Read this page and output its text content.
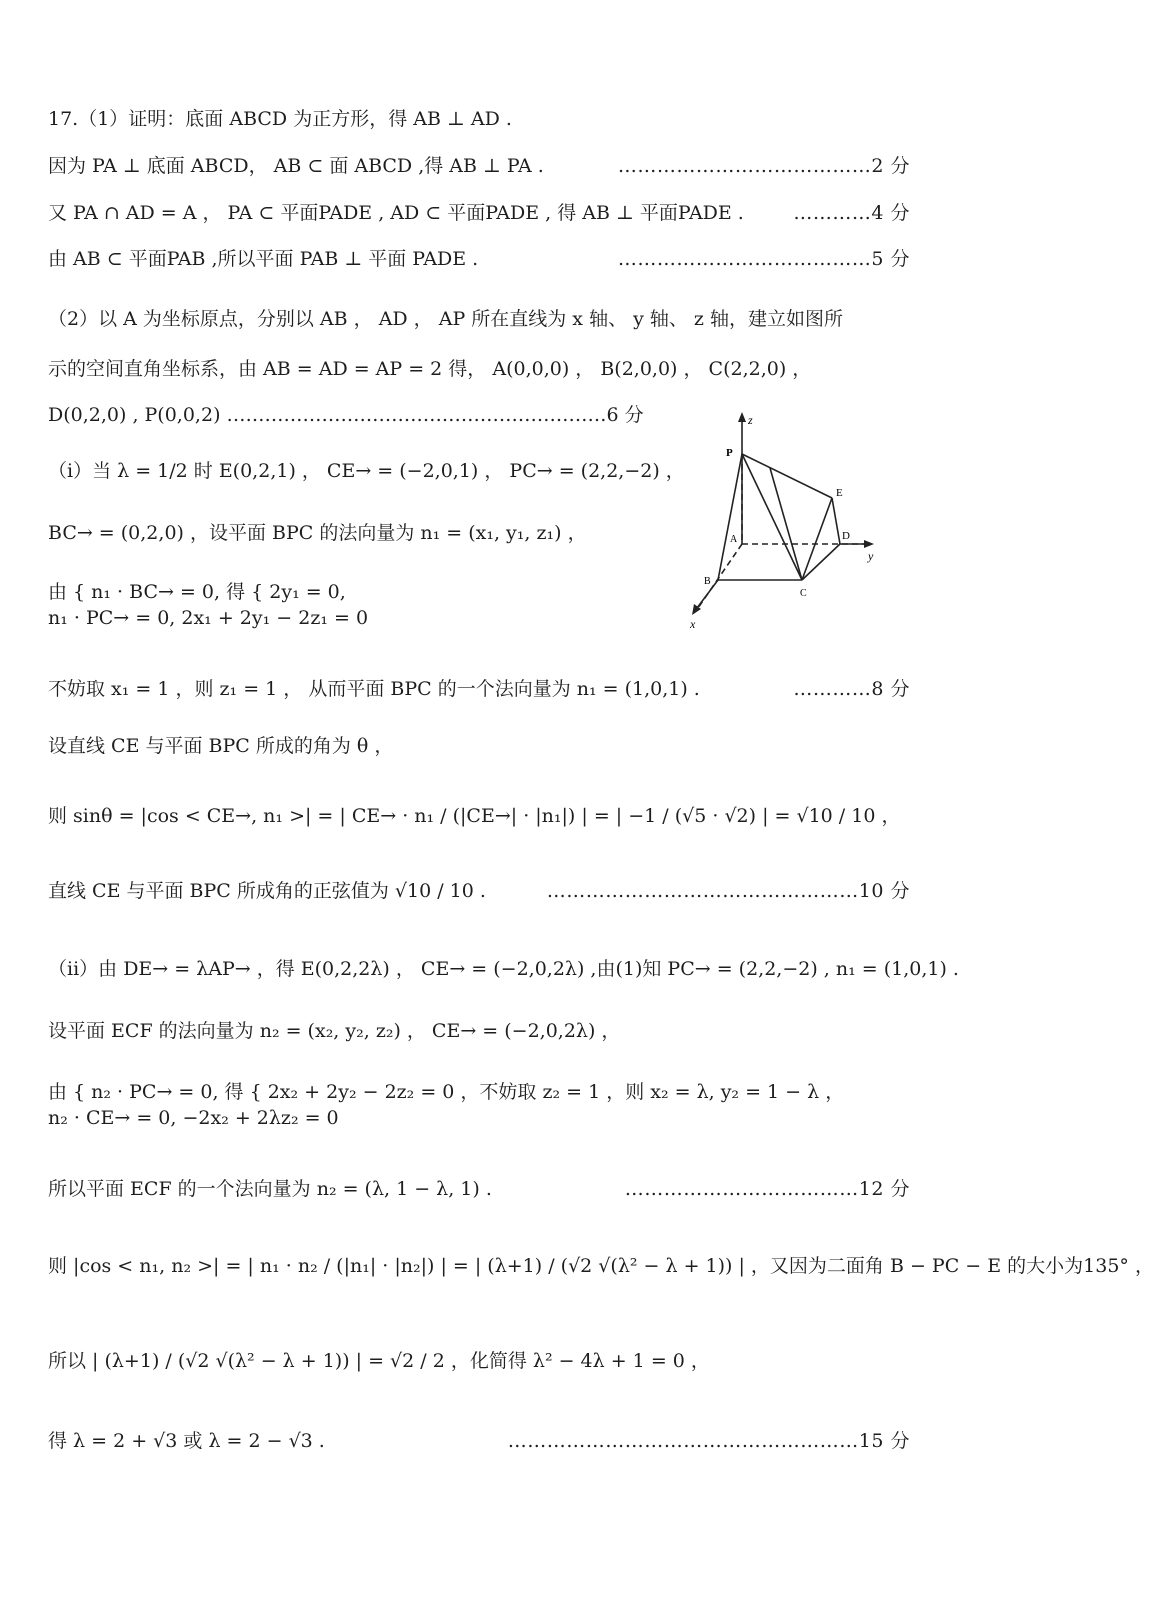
17.（1）证明：底面 ABCD 为正方形，得 AB ⊥ AD .
因为 PA ⊥ 底面 ABCD， AB ⊂ 面 ABCD ,得 AB ⊥ PA .	…………………………………2 分
又 PA ∩ AD = A ， PA ⊂ 平面PADE , AD ⊂ 平面PADE , 得 AB ⊥ 平面PADE .	…………4 分
由 AB ⊂ 平面PAB ,所以平面 PAB ⊥ 平面 PADE .	…………………………………5 分
（2）以 A 为坐标原点，分别以 AB ， AD ， AP 所在直线为 x 轴、 y 轴、 z 轴，建立如图所
示的空间直角坐标系，由 AB = AD = AP = 2 得， A(0,0,0) ， B(2,0,0) ， C(2,2,0) ，
D(0,2,0) , P(0,0,2) ……………………………………………………6 分
（i）当 λ = 1/2 时 E(0,2,1) ， CE→ = (−2,0,1) ， PC→ = (2,2,−2) ，
BC→ = (0,2,0) ，设平面 BPC 的法向量为 n₁ = (x₁, y₁, z₁) ，
由 { n₁ · BC→ = 0, 得 { 2y₁ = 0,
n₁ · PC→ = 0, 2x₁ + 2y₁ − 2z₁ = 0
不妨取 x₁ = 1 ，则 z₁ = 1 ， 从而平面 BPC 的一个法向量为 n₁ = (1,0,1) .	…………8 分
设直线 CE 与平面 BPC 所成的角为 θ ，
则 sinθ = |cos < CE→, n₁ >| = | CE→ · n₁ / (|CE→| · |n₁|) | = | −1 / (√5 · √2) | = √10 / 10 ，
直线 CE 与平面 BPC 所成角的正弦值为 √10 / 10 .	…………………………………………10 分
（ii）由 DE→ = λAP→ ，得 E(0,2,2λ) ， CE→ = (−2,0,2λ) ,由(1)知 PC→ = (2,2,−2) , n₁ = (1,0,1) .
设平面 ECF 的法向量为 n₂ = (x₂, y₂, z₂) ， CE→ = (−2,0,2λ) ，
由 { n₂ · PC→ = 0, 得 { 2x₂ + 2y₂ − 2z₂ = 0 ，不妨取 z₂ = 1 ，则 x₂ = λ, y₂ = 1 − λ ，
n₂ · CE→ = 0, −2x₂ + 2λz₂ = 0
所以平面 ECF 的一个法向量为 n₂ = (λ, 1 − λ, 1) .	………………………………12 分
则 |cos < n₁, n₂ >| = | n₁ · n₂ / (|n₁| · |n₂|) | = | (λ+1) / (√2 √(λ² − λ + 1)) | ，又因为二面角 B − PC − E 的大小为135° ，
所以 | (λ+1) / (√2 √(λ² − λ + 1)) | = √2 / 2 ，化简得 λ² − 4λ + 1 = 0 ，
得 λ = 2 + √3 或 λ = 2 − √3 .	………………………………………………15 分
z
x
y
P
E
D
A
B
C
